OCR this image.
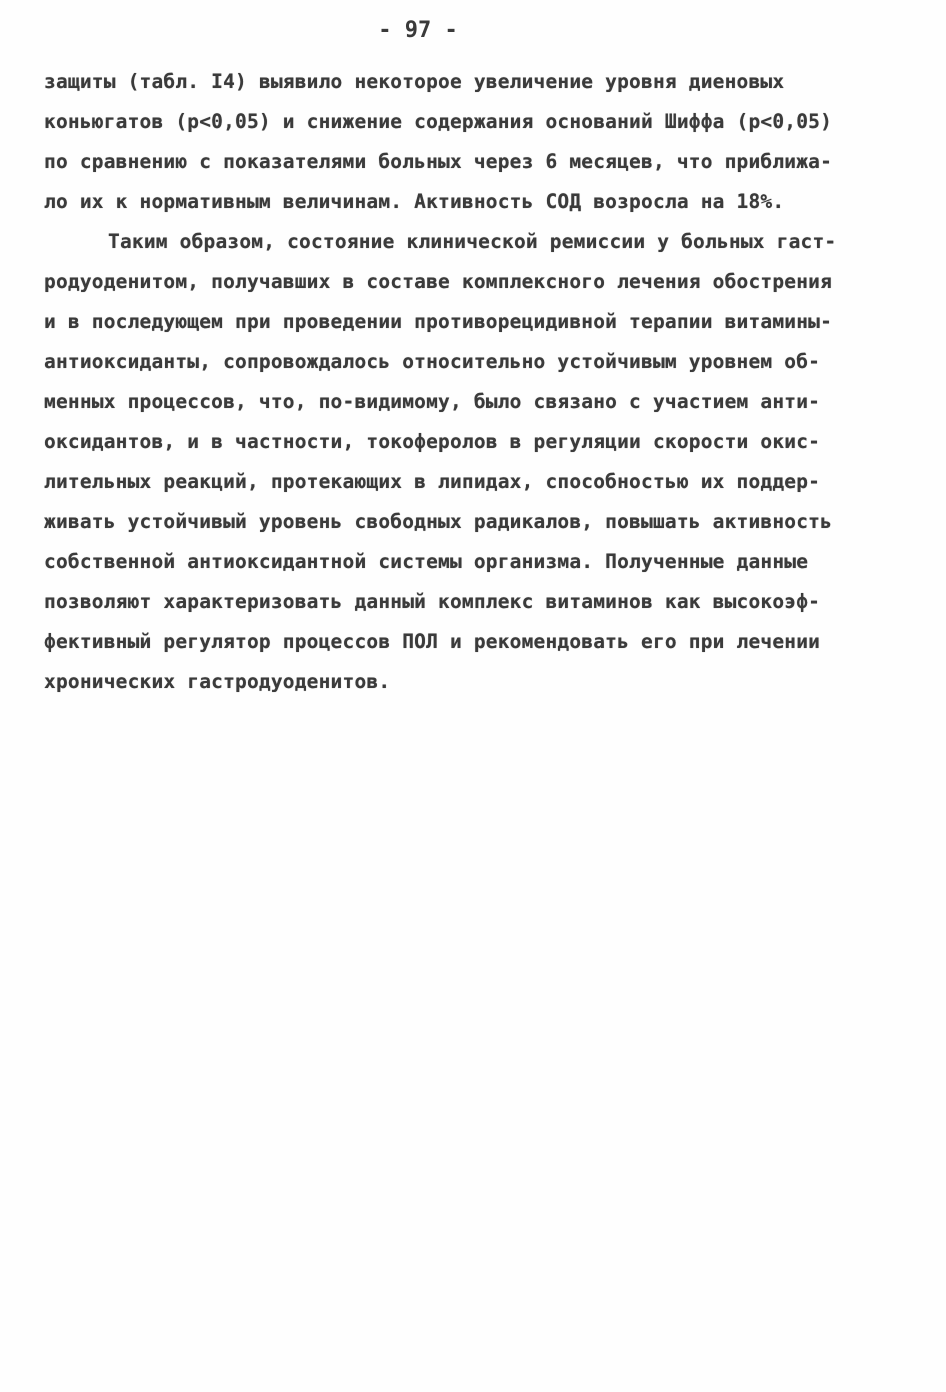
- 97 -
защиты (табл. I4) выявило некоторое увеличение уровня диеновых
коньюгатов (р<0,05) и снижение содержания оснований Шиффа (р<0,05)
по сравнению с показателями больных через 6 месяцев, что приближа-
ло их к нормативным величинам. Активность СОД возросла на 18%.
Таким образом, состояние клинической ремиссии у больных гаст-
родуоденитом, получавших в составе комплексного лечения обострения
и в последующем при проведении противорецидивной терапии витамины-
антиоксиданты, сопровождалось относительно устойчивым уровнем об-
менных процессов, что, по-видимому, было связано с участием анти-
оксидантов, и в частности, токоферолов в регуляции скорости окис-
лительных реакций, протекающих в липидах, способностью их поддер-
живать устойчивый уровень свободных радикалов, повышать активность
собственной антиоксидантной системы организма. Полученные данные
позволяют характеризовать данный комплекс витаминов как высокоэф-
фективный регулятор процессов ПОЛ и рекомендовать его при лечении
хронических гастродуоденитов.
